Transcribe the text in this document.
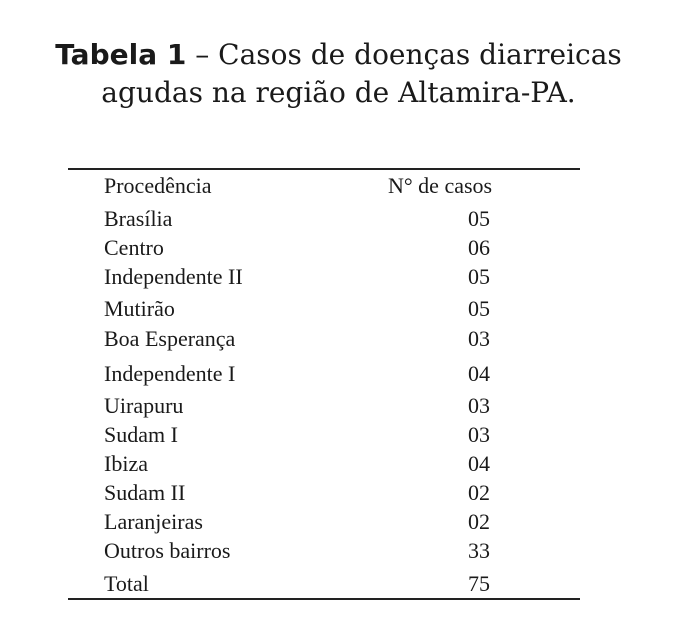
Tabela 1 – Casos de doenças diarreicas
agudas na região de Altamira-PA.
Procedência	N° de casos
Brasília	05
Centro	06
Independente II	05
Mutirão	05
Boa Esperança	03
Independente I	04
Uirapuru	03
Sudam I	03
Ibiza	04
Sudam II	02
Laranjeiras	02
Outros bairros	33
Total	75
